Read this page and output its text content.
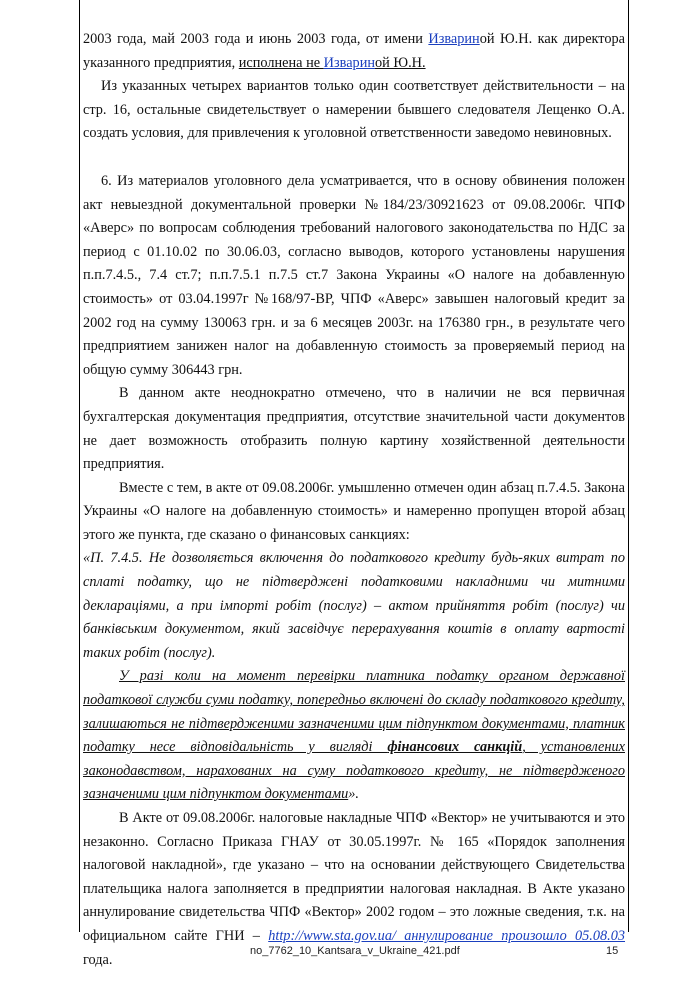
2003 года, май 2003 года и июнь 2003 года, от имени Извариной Ю.Н. как директора указанного предприятия, исполнена не Извариной Ю.Н.

Из указанных четырех вариантов только один соответствует действительности – на стр. 16, остальные свидетельствует о намерении бывшего следователя Лещенко О.А. создать условия, для привлечения к уголовной ответственности заведомо невиновных.

6. Из материалов уголовного дела усматривается, что в основу обвинения положен акт невыездной документальной проверки №184/23/30921623 от 09.08.2006г. ЧПФ «Аверс» по вопросам соблюдения требований налогового законодательства по НДС за период с 01.10.02 по 30.06.03, согласно выводов, которого установлены нарушения п.п.7.4.5., 7.4 ст.7; п.п.7.5.1 п.7.5 ст.7 Закона Украины «О налоге на добавленную стоимость» от 03.04.1997г №168/97-ВР, ЧПФ «Аверс» завышен налоговый кредит за 2002 год на сумму 130063 грн. и за 6 месяцев 2003г. на 176380 грн., в результате чего предприятием занижен налог на добавленную стоимость за проверяемый период на общую сумму 306443 грн.

В данном акте неоднократно отмечено, что в наличии не вся первичная бухгалтерская документация предприятия, отсутствие значительной части документов не дает возможность отобразить полную картину хозяйственной деятельности предприятия.

Вместе с тем, в акте от 09.08.2006г. умышленно отмечен один абзац п.7.4.5. Закона Украины «О налоге на добавленную стоимость» и намеренно пропущен второй абзац этого же пункта, где сказано о финансовых санкциях:

«П. 7.4.5. Не дозволяється включення до податкового кредиту будь-яких витрат по сплаті податку, що не підтверджені податковими накладними чи митними деклараціями, а при імпорті робіт (послуг) – актом прийняття робіт (послуг) чи банківським документом, який засвідчує перерахування коштів в оплату вартості таких робіт (послуг).

У разі коли на момент перевірки платника податку органом державної податкової служби суми податку, попередньо включені до складу податкового кредиту, залишаються не підтвердженими зазначеними цим підпунктом документами, платник податку несе відповідальність у вигляді фінансових санкцій, установлених законодавством, нарахованих на суму податкового кредиту, не підтвердженого зазначеними цим підпунктом документами».

В Акте от 09.08.2006г. налоговые накладные ЧПФ «Вектор» не учитываются и это незаконно. Согласно Приказа ГНАУ от 30.05.1997г. № 165 «Порядок заполнения налоговой накладной», где указано – что на основании действующего Свидетельства плательщика налога заполняется в предприятии налоговая накладная. В Акте указано аннулирование свидетельства ЧПФ «Вектор» 2002 годом – это ложные сведения, т.к. на официальном сайте ГНИ – http://www.sta.gov.ua/ аннулирование произошло 05.08.03 года.

no_7762_10_Kantsara_v_Ukraine_421.pdf	15
